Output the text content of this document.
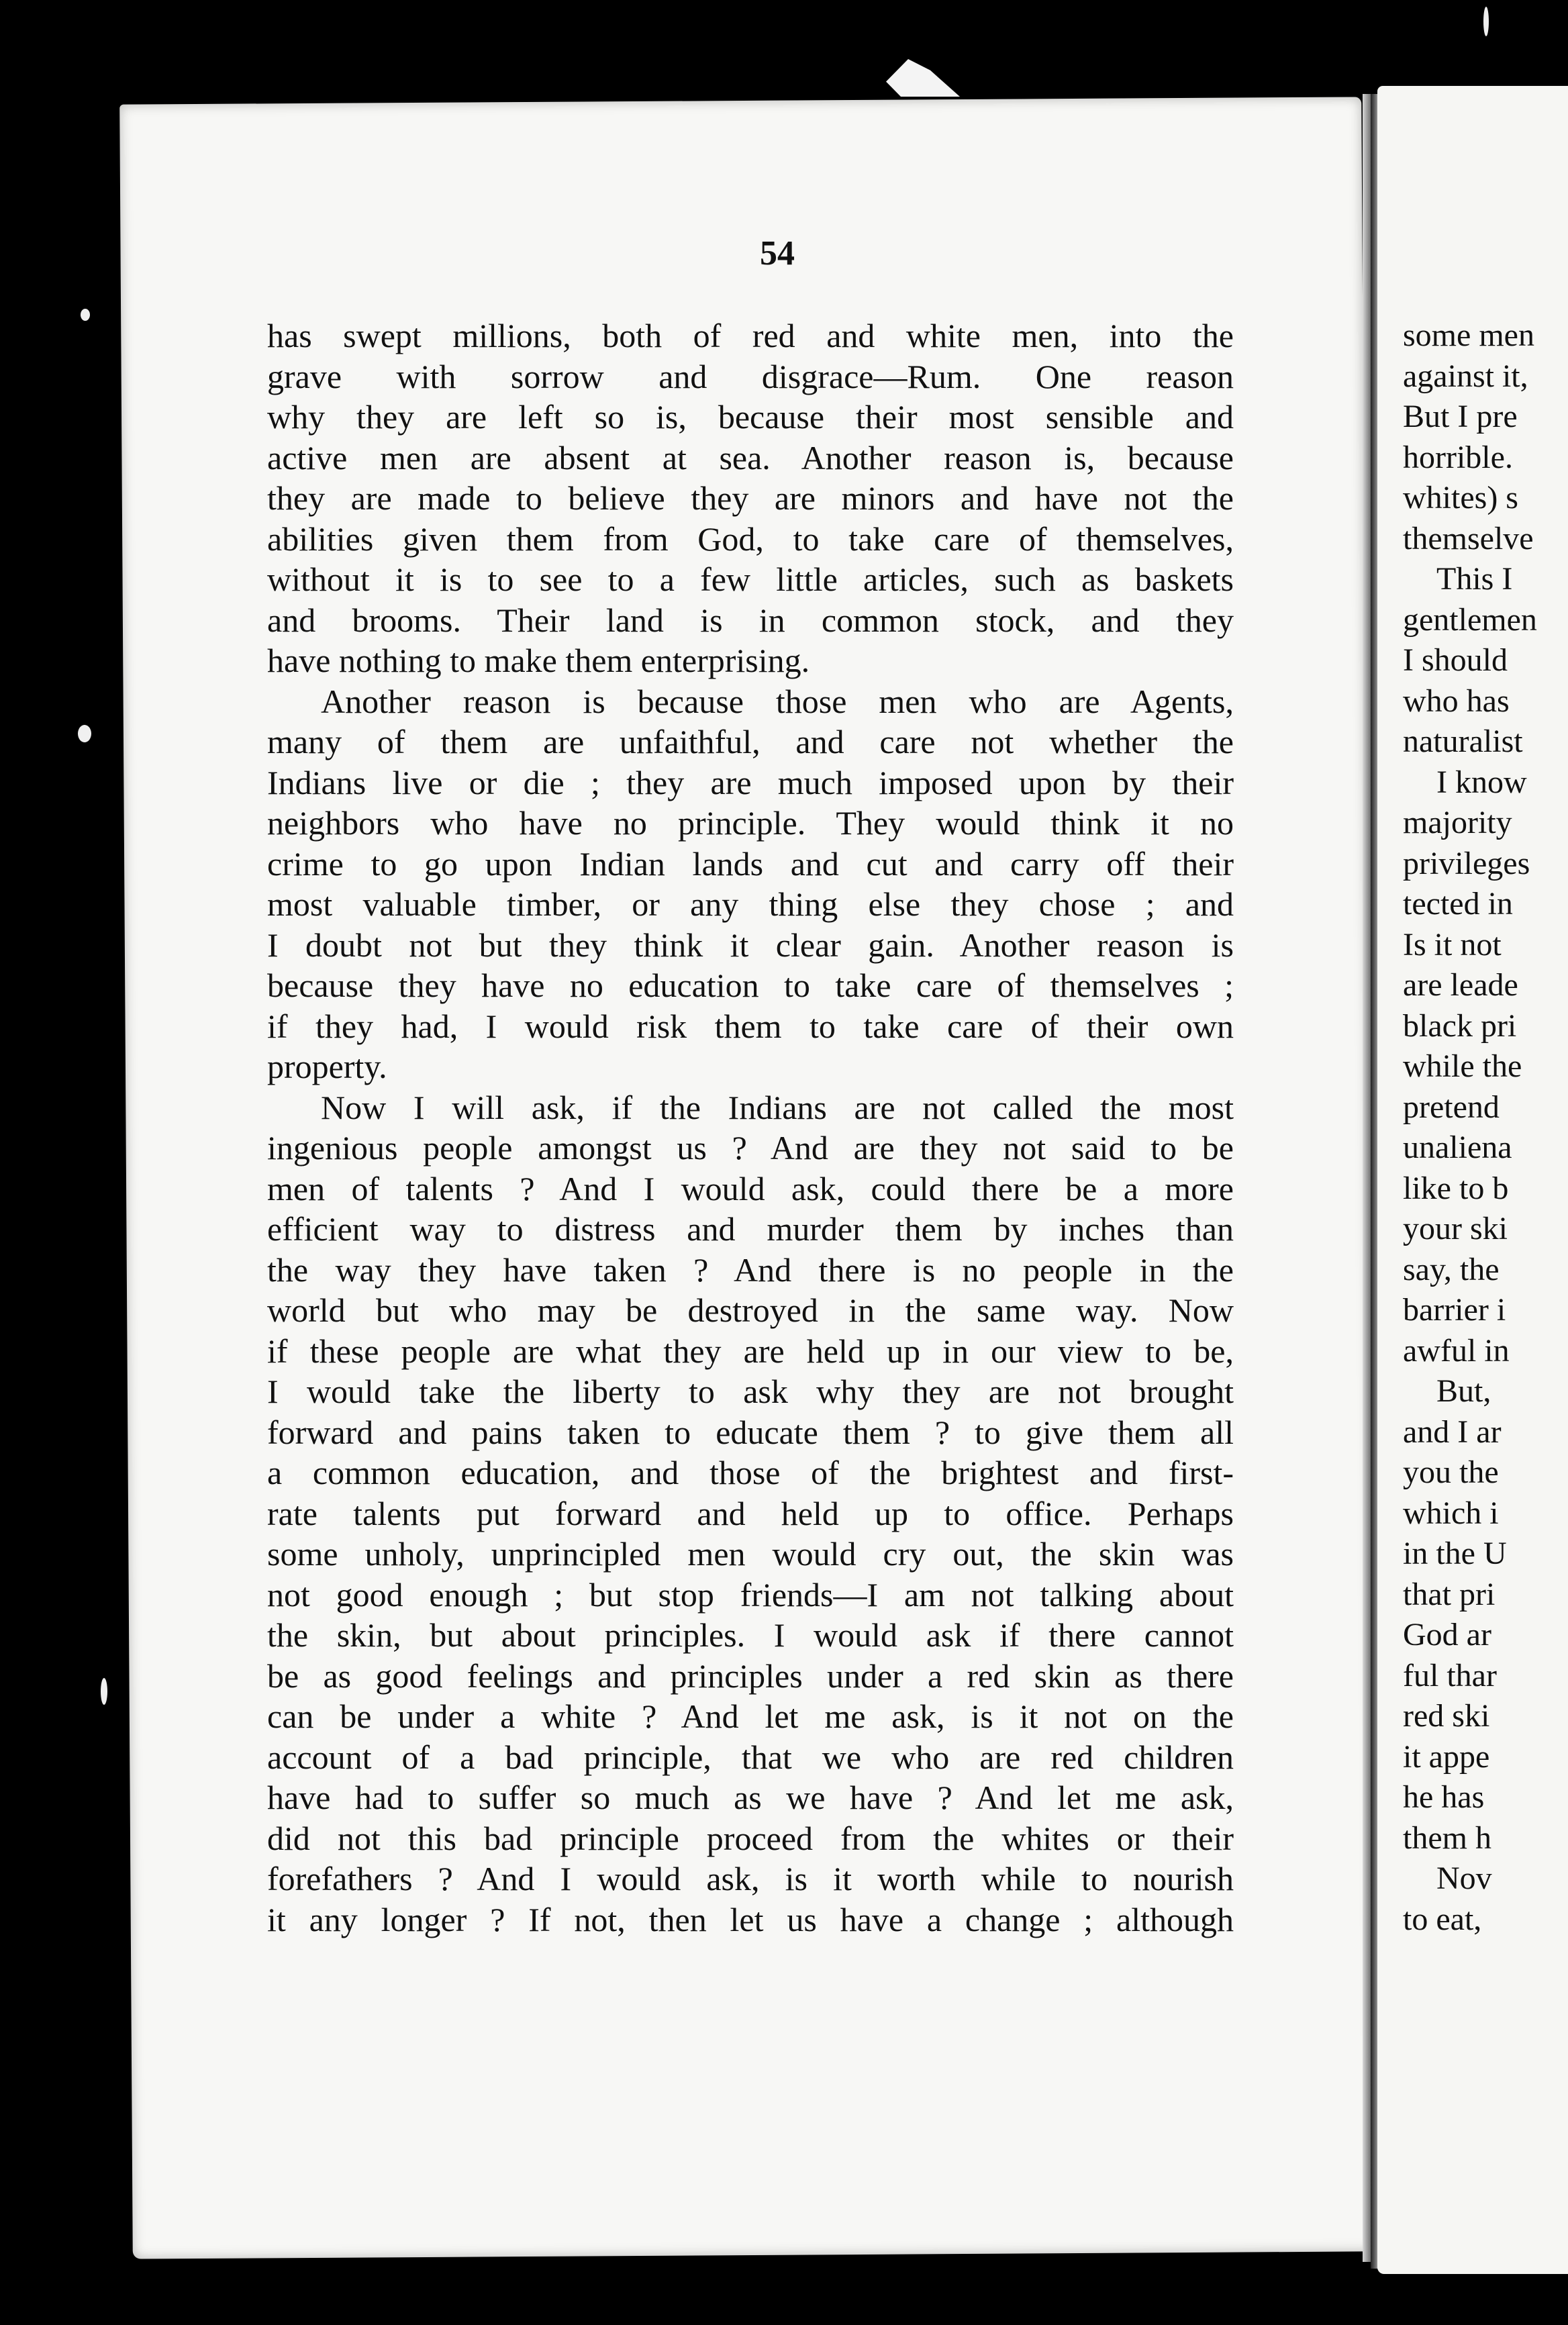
54
has swept millions, both of red and white men, into the
grave with sorrow and disgrace—Rum. One reason
why they are left so is, because their most sensible and
active men are absent at sea. Another reason is, because
they are made to believe they are minors and have not the
abilities given them from God, to take care of themselves,
without it is to see to a few little articles, such as baskets
and brooms. Their land is in common stock, and they
have nothing to make them enterprising.
Another reason is because those men who are Agents,
many of them are unfaithful, and care not whether the
Indians live or die ; they are much imposed upon by their
neighbors who have no principle. They would think it no
crime to go upon Indian lands and cut and carry off their
most valuable timber, or any thing else they chose ; and
I doubt not but they think it clear gain. Another reason is
because they have no education to take care of themselves ;
if they had, I would risk them to take care of their own
property.
Now I will ask, if the Indians are not called the most
ingenious people amongst us ? And are they not said to be
men of talents ? And I would ask, could there be a more
efficient way to distress and murder them by inches than
the way they have taken ? And there is no people in the
world but who may be destroyed in the same way. Now
if these people are what they are held up in our view to be,
I would take the liberty to ask why they are not brought
forward and pains taken to educate them ? to give them all
a common education, and those of the brightest and first-
rate talents put forward and held up to office. Perhaps
some unholy, unprincipled men would cry out, the skin was
not good enough ; but stop friends—I am not talking about
the skin, but about principles. I would ask if there cannot
be as good feelings and principles under a red skin as there
can be under a white ? And let me ask, is it not on the
account of a bad principle, that we who are red children
have had to suffer so much as we have ? And let me ask,
did not this bad principle proceed from the whites or their
forefathers ? And I would ask, is it worth while to nourish
it any longer ? If not, then let us have a change ; although
some men
against it,
But I pre
horrible.
whites) s
themselve
This I
gentlemen
I should
who has
naturalist
I know
majority
privileges
tected in
Is it not
are leade
black pri
while the
pretend
unaliena
like to b
your ski
say, the
barrier i
awful in
But,
and I ar
you the
which i
in the U
that pri
God ar
ful thar
red ski
it appe
he has
them h
Nov
to eat,
